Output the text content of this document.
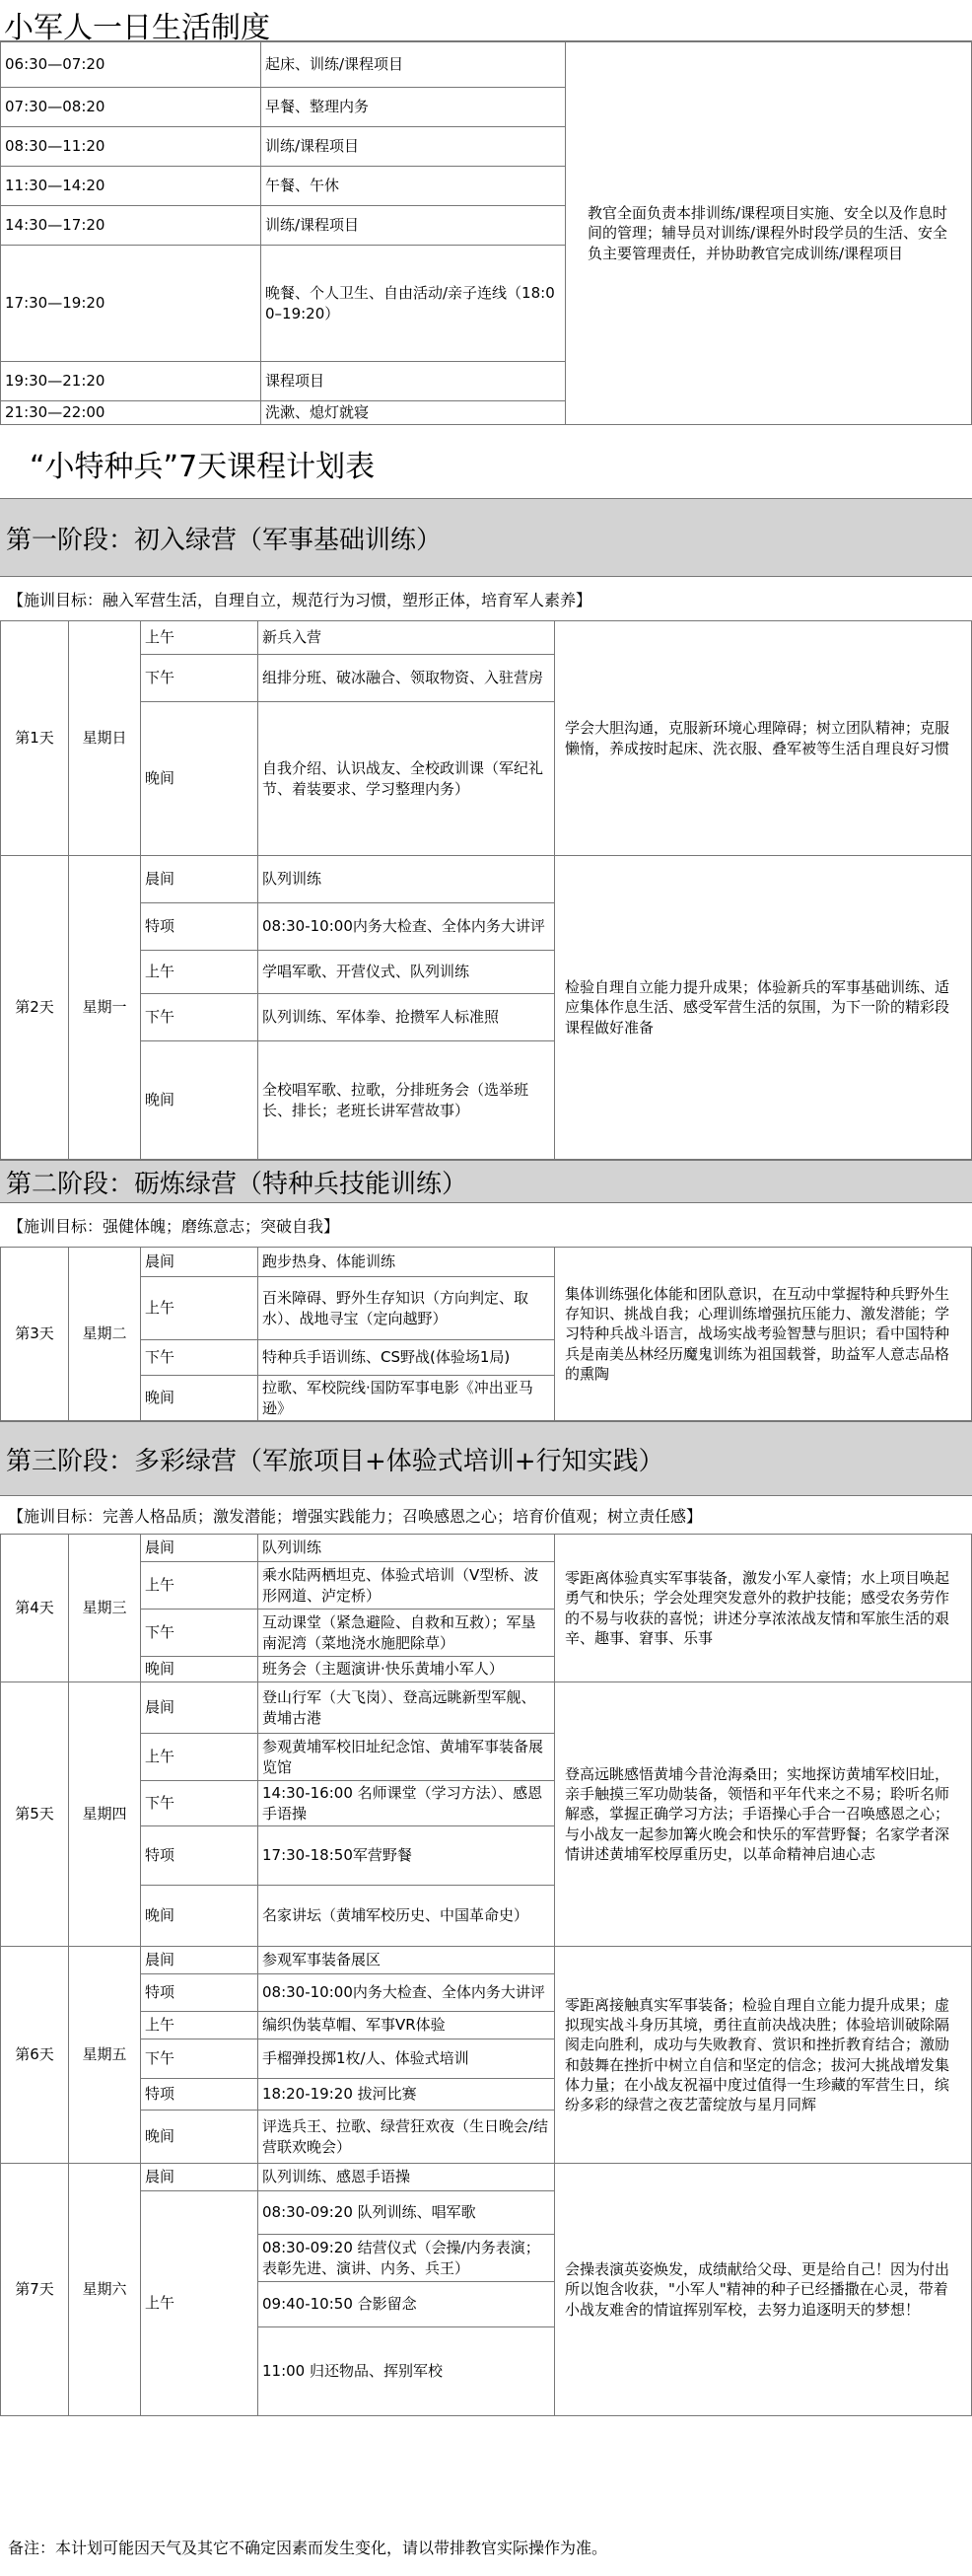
小军人一日生活制度
06:30—07:20	起床、训练/课程项目	教官全面负责本排训练/课程项目实施、安全以及作息时间的管理；辅导员对训练/课程外时段学员的生活、安全负主要管理责任，并协助教官完成训练/课程项目
07:30—08:20	早餐、整理内务	
08:30—11:20	训练/课程项目	
11:30—14:20	午餐、午休	
14:30—17:20	训练/课程项目	
17:30—19:20	晚餐、个人卫生、自由活动/亲子连线（18:00–19:20）	
19:30—21:20	课程项目	
21:30—22:00	洗漱、熄灯就寝	
“小特种兵”7天课程计划表
第一阶段：初入绿营（军事基础训练）
【施训目标：融入军营生活，自理自立，规范行为习惯，塑形正体，培育军人素养】
第1天	星期日	上午	新兵入营	学会大胆沟通，克服新环境心理障碍；树立团队精神；克服懒惰，养成按时起床、洗衣服、叠军被等生活自理良好习惯
		下午	组排分班、破冰融合、领取物资、入驻营房	
		晚间	自我介绍、认识战友、全校政训课（军纪礼节、着装要求、学习整理内务）	
第2天	星期一	晨间	队列训练	检验自理自立能力提升成果；体验新兵的军事基础训练、适应集体作息生活、感受军营生活的氛围，为下一阶的精彩段课程做好准备
		特项	08:30-10:00内务大检查、全体内务大讲评	
		上午	学唱军歌、开营仪式、队列训练	
		下午	队列训练、军体拳、抢攒军人标准照	
		晚间	全校唱军歌、拉歌，分排班务会（选举班长、排长；老班长讲军营故事）	
第二阶段：砺炼绿营（特种兵技能训练）
【施训目标：强健体魄；磨练意志；突破自我】
第3天	星期二	晨间	跑步热身、体能训练	集体训练强化体能和团队意识，在互动中掌握特种兵野外生存知识、挑战自我；心理训练增强抗压能力、激发潜能；学习特种兵战斗语言，战场实战考验智慧与胆识；看中国特种兵是南美丛林经历魔鬼训练为祖国载誉，助益军人意志品格的熏陶
		上午	百米障碍、野外生存知识（方向判定、取水）、战地寻宝（定向越野）	
		下午	特种兵手语训练、CS野战(体验场1局)	
		晚间	拉歌、军校院线·国防军事电影《冲出亚马逊》	
第三阶段：多彩绿营（军旅项目+体验式培训+行知实践）
【施训目标：完善人格品质；激发潜能；增强实践能力；召唤感恩之心；培育价值观；树立责任感】
第4天	星期三	晨间	队列训练	零距离体验真实军事装备，激发小军人豪情；水上项目唤起勇气和快乐；学会处理突发意外的救护技能；感受农务劳作的不易与收获的喜悦；讲述分享浓浓战友情和军旅生活的艰辛、趣事、窘事、乐事
		上午	乘水陆两栖坦克、体验式培训（V型桥、波形网道、泸定桥）	
		下午	互动课堂（紧急避险、自救和互救）；军垦南泥湾（菜地浇水施肥除草）	
		晚间	班务会（主题演讲·快乐黄埔小军人）	
第5天	星期四	晨间	登山行军（大飞岗）、登高远眺新型军舰、黄埔古港	登高远眺感悟黄埔今昔沧海桑田；实地探访黄埔军校旧址，亲手触摸三军功勋装备，领悟和平年代来之不易；聆听名师解惑，掌握正确学习方法；手语操心手合一召唤感恩之心；与小战友一起参加篝火晚会和快乐的军营野餐；名家学者深情讲述黄埔军校厚重历史，以革命精神启迪心志
		上午	参观黄埔军校旧址纪念馆、黄埔军事装备展览馆	
		下午	14:30-16:00 名师课堂（学习方法）、感恩手语操	
		特项	17:30-18:50军营野餐	
		晚间	名家讲坛（黄埔军校历史、中国革命史）	
第6天	星期五	晨间	参观军事装备展区	零距离接触真实军事装备；检验自理自立能力提升成果；虚拟现实战斗身历其境，勇往直前决战决胜；体验培训破除隔阂走向胜利，成功与失败教育、赏识和挫折教育结合；激励和鼓舞在挫折中树立自信和坚定的信念；拔河大挑战增发集体力量；在小战友祝福中度过值得一生珍藏的军营生日，缤纷多彩的绿营之夜艺蕾绽放与星月同辉
		特项	08:30-10:00内务大检查、全体内务大讲评	
		上午	编织伪装草帽、军事VR体验	
		下午	手榴弹投掷1枚/人、体验式培训	
		特项	18:20-19:20 拔河比赛	
		晚间	评选兵王、拉歌、绿营狂欢夜（生日晚会/结营联欢晚会）	
第7天	星期六	晨间	队列训练、感恩手语操	会操表演英姿焕发，成绩献给父母、更是给自己！因为付出所以饱含收获，"小军人"精神的种子已经播撒在心灵，带着小战友难舍的情谊挥别军校，去努力追逐明天的梦想！
		上午	08:30-09:20 队列训练、唱军歌	
			08:30-09:20 结营仪式（会操/内务表演；表彰先进、演讲、内务、兵王）	
			09:40-10:50 合影留念	
			11:00 归还物品、挥别军校	
备注：本计划可能因天气及其它不确定因素而发生变化，请以带排教官实际操作为准。
